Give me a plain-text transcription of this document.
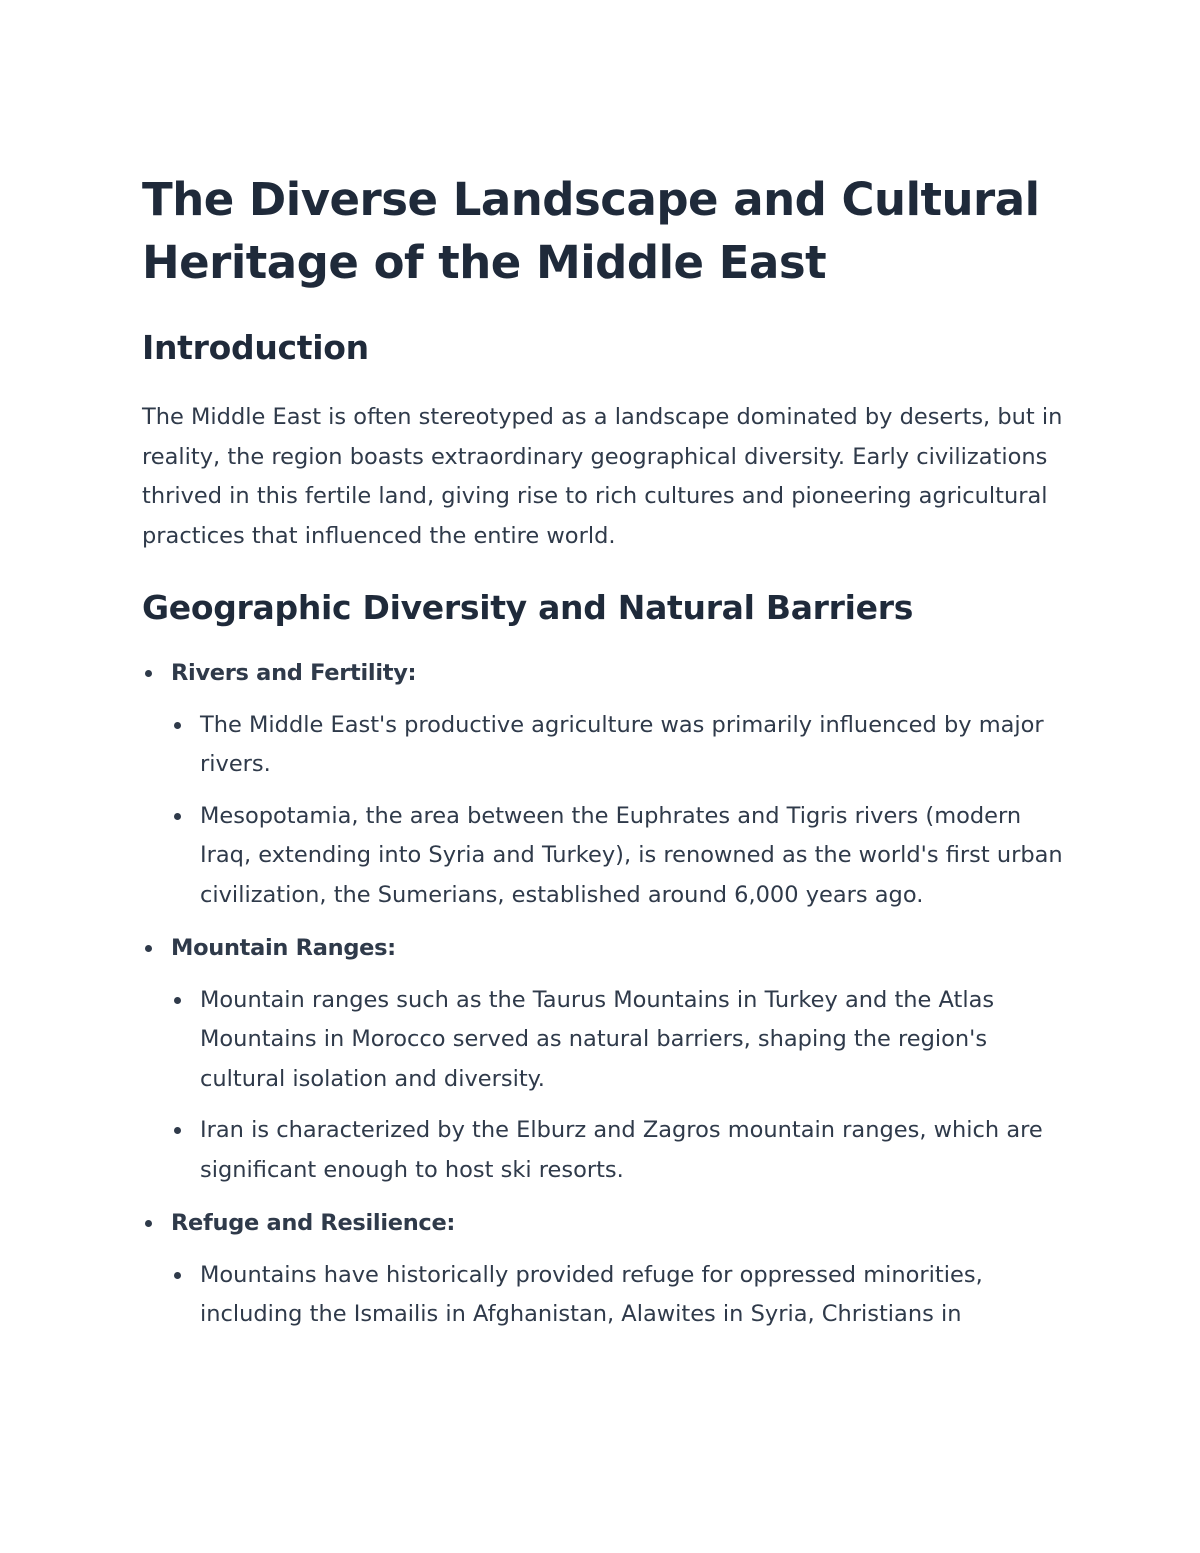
The Diverse Landscape and Cultural Heritage of the Middle East
Introduction

The Middle East is often stereotyped as a landscape dominated by deserts, but in reality, the region boasts extraordinary geographical diversity. Early civilizations thrived in this fertile land, giving rise to rich cultures and pioneering agricultural practices that influenced the entire world.

Geographic Diversity and Natural Barriers
Rivers and Fertility:
The Middle East's productive agriculture was primarily influenced by major rivers.
Mesopotamia, the area between the Euphrates and Tigris rivers (modern Iraq, extending into Syria and Turkey), is renowned as the world's first urban civilization, the Sumerians, established around 6,000 years ago.
Mountain Ranges:
Mountain ranges such as the Taurus Mountains in Turkey and the Atlas Mountains in Morocco served as natural barriers, shaping the region's cultural isolation and diversity.
Iran is characterized by the Elburz and Zagros mountain ranges, which are significant enough to host ski resorts.
Refuge and Resilience:
Mountains have historically provided refuge for oppressed minorities, including the Ismailis in Afghanistan, Alawites in Syria, Christians in
